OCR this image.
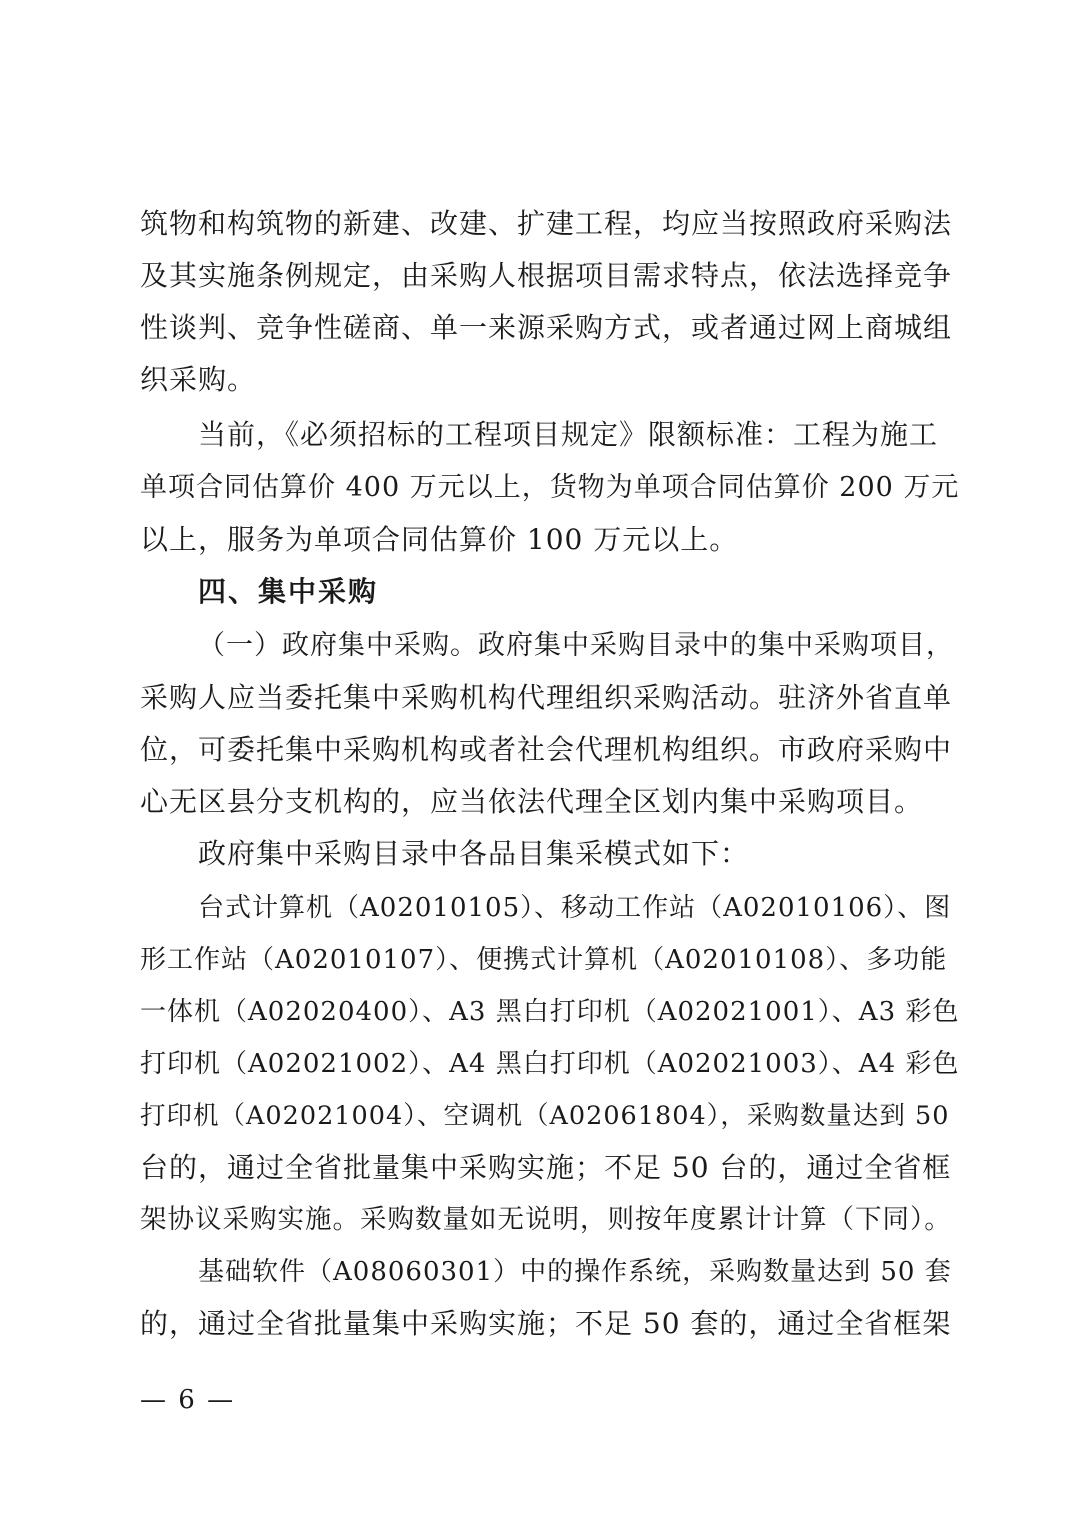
筑物和构筑物的新建、改建、扩建工程，均应当按照政府采购法
及其实施条例规定，由采购人根据项目需求特点，依法选择竞争
性谈判、竞争性磋商、单一来源采购方式，或者通过网上商城组
织采购。
当前，《必须招标的工程项目规定》限额标准：工程为施工
单项合同估算价 400 万元以上，货物为单项合同估算价 200 万元
以上，服务为单项合同估算价 100 万元以上。
四、集中采购
（一）政府集中采购。政府集中采购目录中的集中采购项目，
采购人应当委托集中采购机构代理组织采购活动。驻济外省直单
位，可委托集中采购机构或者社会代理机构组织。市政府采购中
心无区县分支机构的，应当依法代理全区划内集中采购项目。
政府集中采购目录中各品目集采模式如下：
台式计算机（A02010105）、移动工作站（A02010106）、图
形工作站（A02010107）、便携式计算机（A02010108）、多功能
一体机（A02020400）、A3 黑白打印机（A02021001）、A3 彩色
打印机（A02021002）、A4 黑白打印机（A02021003）、A4 彩色
打印机（A02021004）、空调机（A02061804），采购数量达到 50
台的，通过全省批量集中采购实施；不足 50 台的，通过全省框
架协议采购实施。采购数量如无说明，则按年度累计计算（下同）。
基础软件（A08060301）中的操作系统，采购数量达到 50 套
的，通过全省批量集中采购实施；不足 50 套的，通过全省框架
— 6 —
